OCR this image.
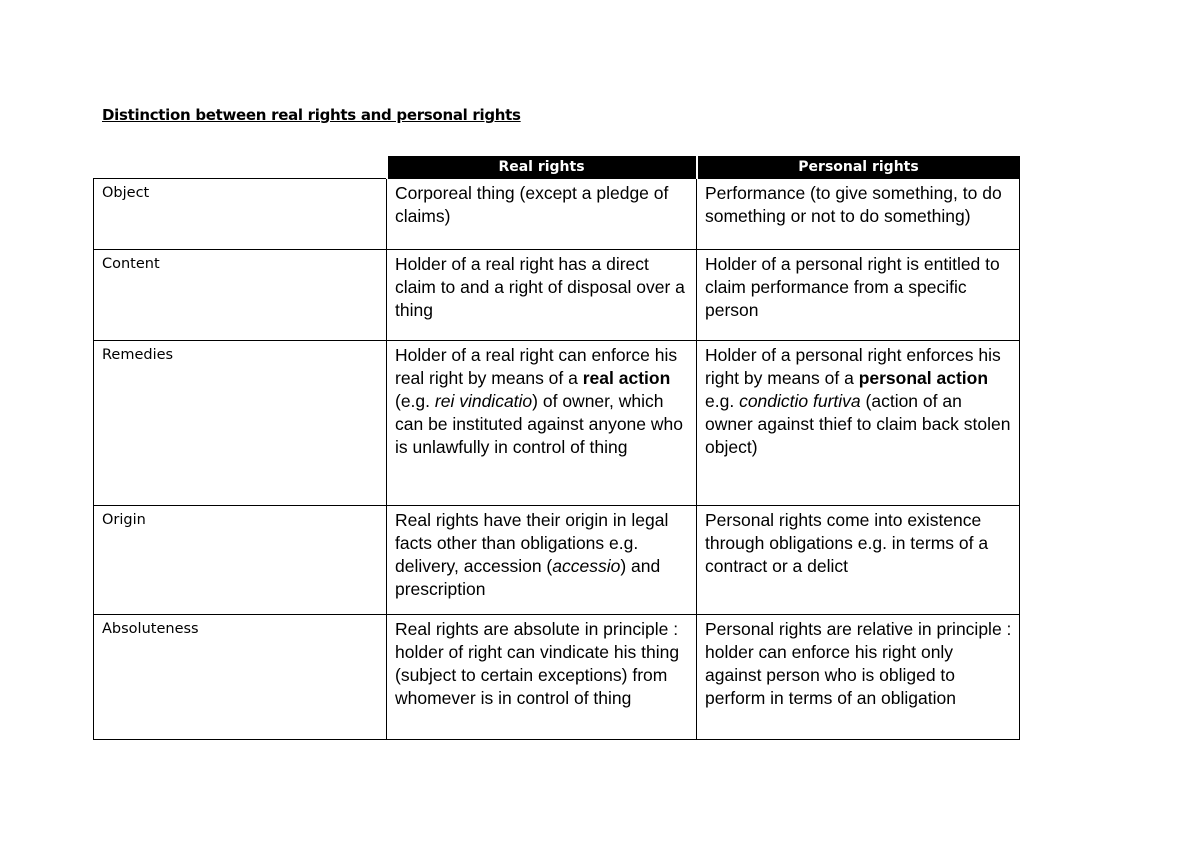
Distinction between real rights and personal rights
	Real rights	Personal rights
Object	Corporeal thing (except a pledge of claims)	Performance (to give something, to do something or not to do something)
Content	Holder of a real right has a direct claim to and a right of disposal over a thing	Holder of a personal right is entitled to claim performance from a specific person
Remedies	Holder of a real right can enforce his real right by means of a real action (e.g. rei vindicatio) of owner, which can be instituted against anyone who is unlawfully in control of thing	Holder of a personal right enforces his right by means of a personal action e.g. condictio furtiva (action of an owner against thief to claim back stolen object)
Origin	Real rights have their origin in legal facts other than obligations e.g. delivery, accession (accessio) and prescription	Personal rights come into existence through obligations e.g. in terms of a contract or a delict
Absoluteness	Real rights are absolute in principle : holder of right can vindicate his thing (subject to certain exceptions) from whomever is in control of thing	Personal rights are relative in principle : holder can enforce his right only against person who is obliged to perform in terms of an obligation
